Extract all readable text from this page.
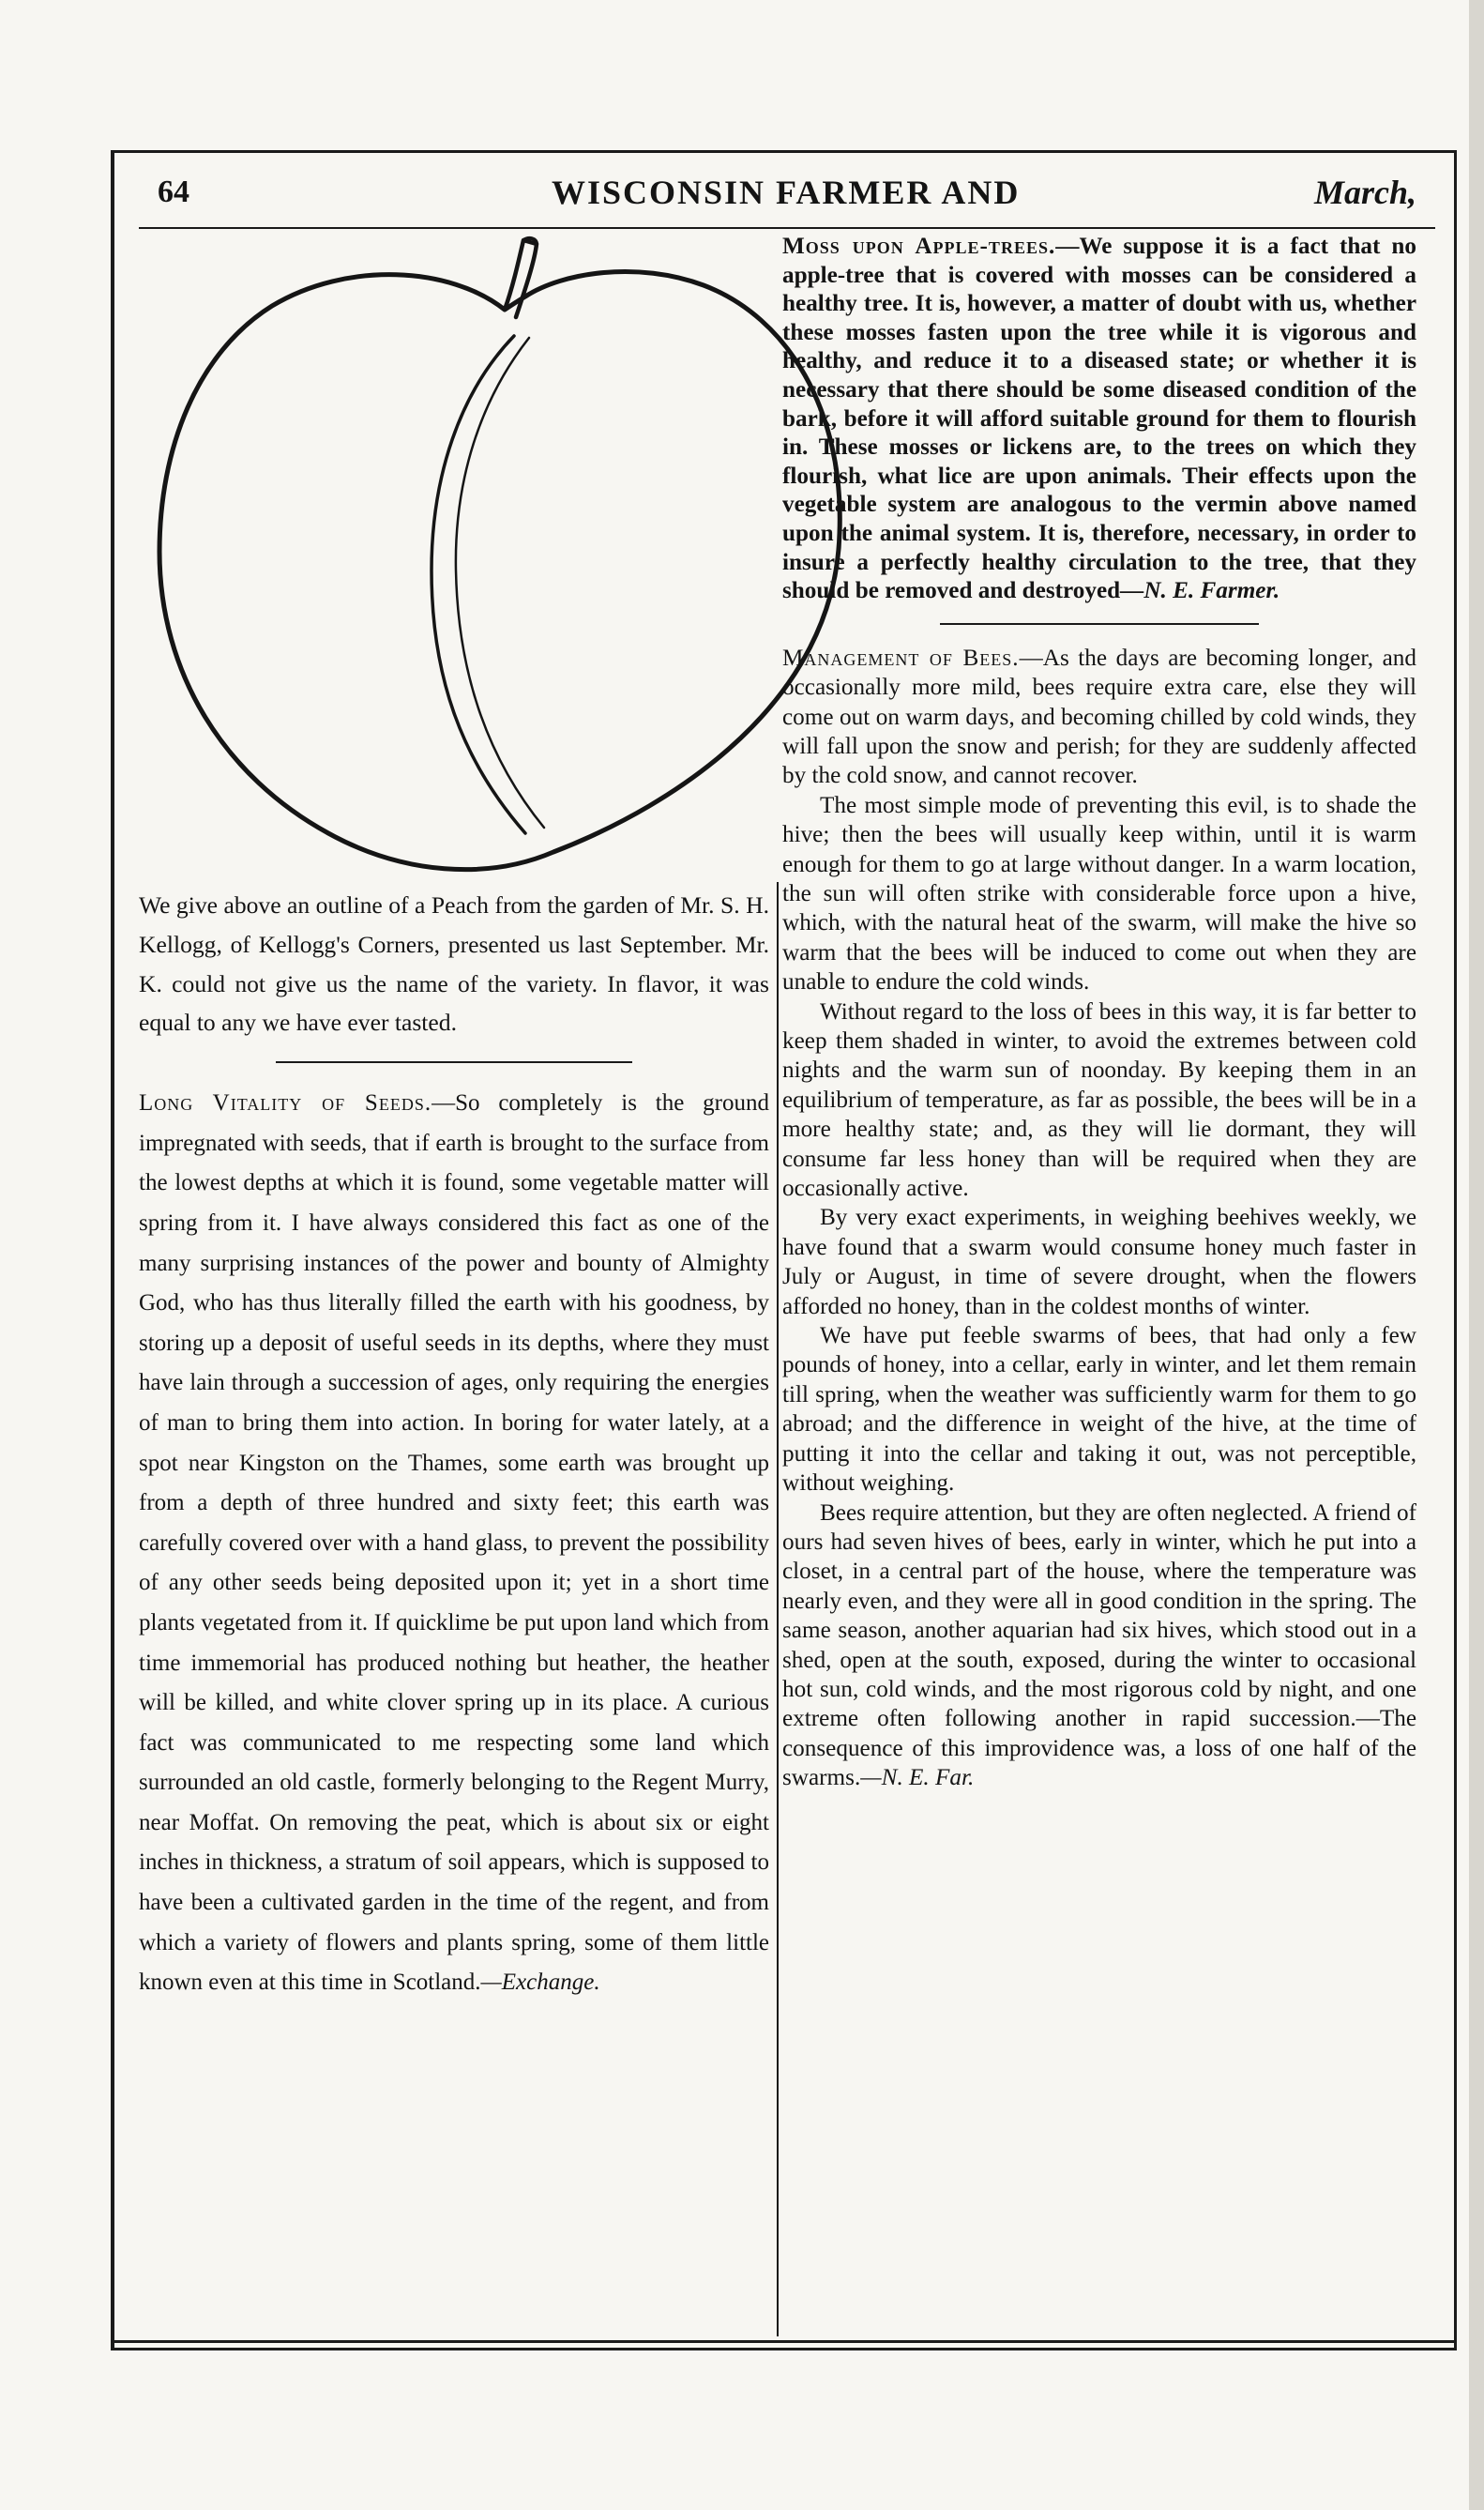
64	WISCONSIN FARMER AND	March,

We give above an outline of a Peach from the garden of Mr. S. H. Kellogg, of Kellogg's Corners, presented us last September. Mr. K. could not give us the name of the variety. In flavor, it was equal to any we have ever tasted.

Long Vitality of Seeds.—So completely is the ground impregnated with seeds, that if earth is brought to the surface from the lowest depths at which it is found, some vegetable matter will spring from it. I have always considered this fact as one of the many surprising instances of the power and bounty of Almighty God, who has thus literally filled the earth with his goodness, by storing up a deposit of useful seeds in its depths, where they must have lain through a succession of ages, only requiring the energies of man to bring them into action. In boring for water lately, at a spot near Kingston on the Thames, some earth was brought up from a depth of three hundred and sixty feet; this earth was carefully covered over with a hand glass, to prevent the possibility of any other seeds being deposited upon it; yet in a short time plants vegetated from it. If quicklime be put upon land which from time immemorial has produced nothing but heather, the heather will be killed, and white clover spring up in its place. A curious fact was communicated to me respecting some land which surrounded an old castle, formerly belonging to the Regent Murry, near Moffat. On removing the peat, which is about six or eight inches in thickness, a stratum of soil appears, which is supposed to have been a cultivated garden in the time of the regent, and from which a variety of flowers and plants spring, some of them little known even at this time in Scotland.—Exchange.

Moss upon Apple-trees.—We suppose it is a fact that no apple-tree that is covered with mosses can be considered a healthy tree. It is, however, a matter of doubt with us, whether these mosses fasten upon the tree while it is vigorous and healthy, and reduce it to a diseased state; or whether it is necessary that there should be some diseased condition of the bark, before it will afford suitable ground for them to flourish in. These mosses or lickens are, to the trees on which they flourish, what lice are upon animals. Their effects upon the vegetable system are analogous to the vermin above named upon the animal system. It is, therefore, necessary, in order to insure a perfectly healthy circulation to the tree, that they should be removed and destroyed—N. E. Farmer.

Management of Bees.—As the days are becoming longer, and occasionally more mild, bees require extra care, else they will come out on warm days, and becoming chilled by cold winds, they will fall upon the snow and perish; for they are suddenly affected by the cold snow, and cannot recover.

The most simple mode of preventing this evil, is to shade the hive; then the bees will usually keep within, until it is warm enough for them to go at large without danger. In a warm location, the sun will often strike with considerable force upon a hive, which, with the natural heat of the swarm, will make the hive so warm that the bees will be induced to come out when they are unable to endure the cold winds.

Without regard to the loss of bees in this way, it is far better to keep them shaded in winter, to avoid the extremes between cold nights and the warm sun of noonday. By keeping them in an equilibrium of temperature, as far as possible, the bees will be in a more healthy state; and, as they will lie dormant, they will consume far less honey than will be required when they are occasionally active.

By very exact experiments, in weighing beehives weekly, we have found that a swarm would consume honey much faster in July or August, in time of severe drought, when the flowers afforded no honey, than in the coldest months of winter.

We have put feeble swarms of bees, that had only a few pounds of honey, into a cellar, early in winter, and let them remain till spring, when the weather was sufficiently warm for them to go abroad; and the difference in weight of the hive, at the time of putting it into the cellar and taking it out, was not perceptible, without weighing.

Bees require attention, but they are often neglected. A friend of ours had seven hives of bees, early in winter, which he put into a closet, in a central part of the house, where the temperature was nearly even, and they were all in good condition in the spring. The same season, another aquarian had six hives, which stood out in a shed, open at the south, exposed, during the winter to occasional hot sun, cold winds, and the most rigorous cold by night, and one extreme often following another in rapid succession.—The consequence of this improvidence was, a loss of one half of the swarms.—N. E. Far.
